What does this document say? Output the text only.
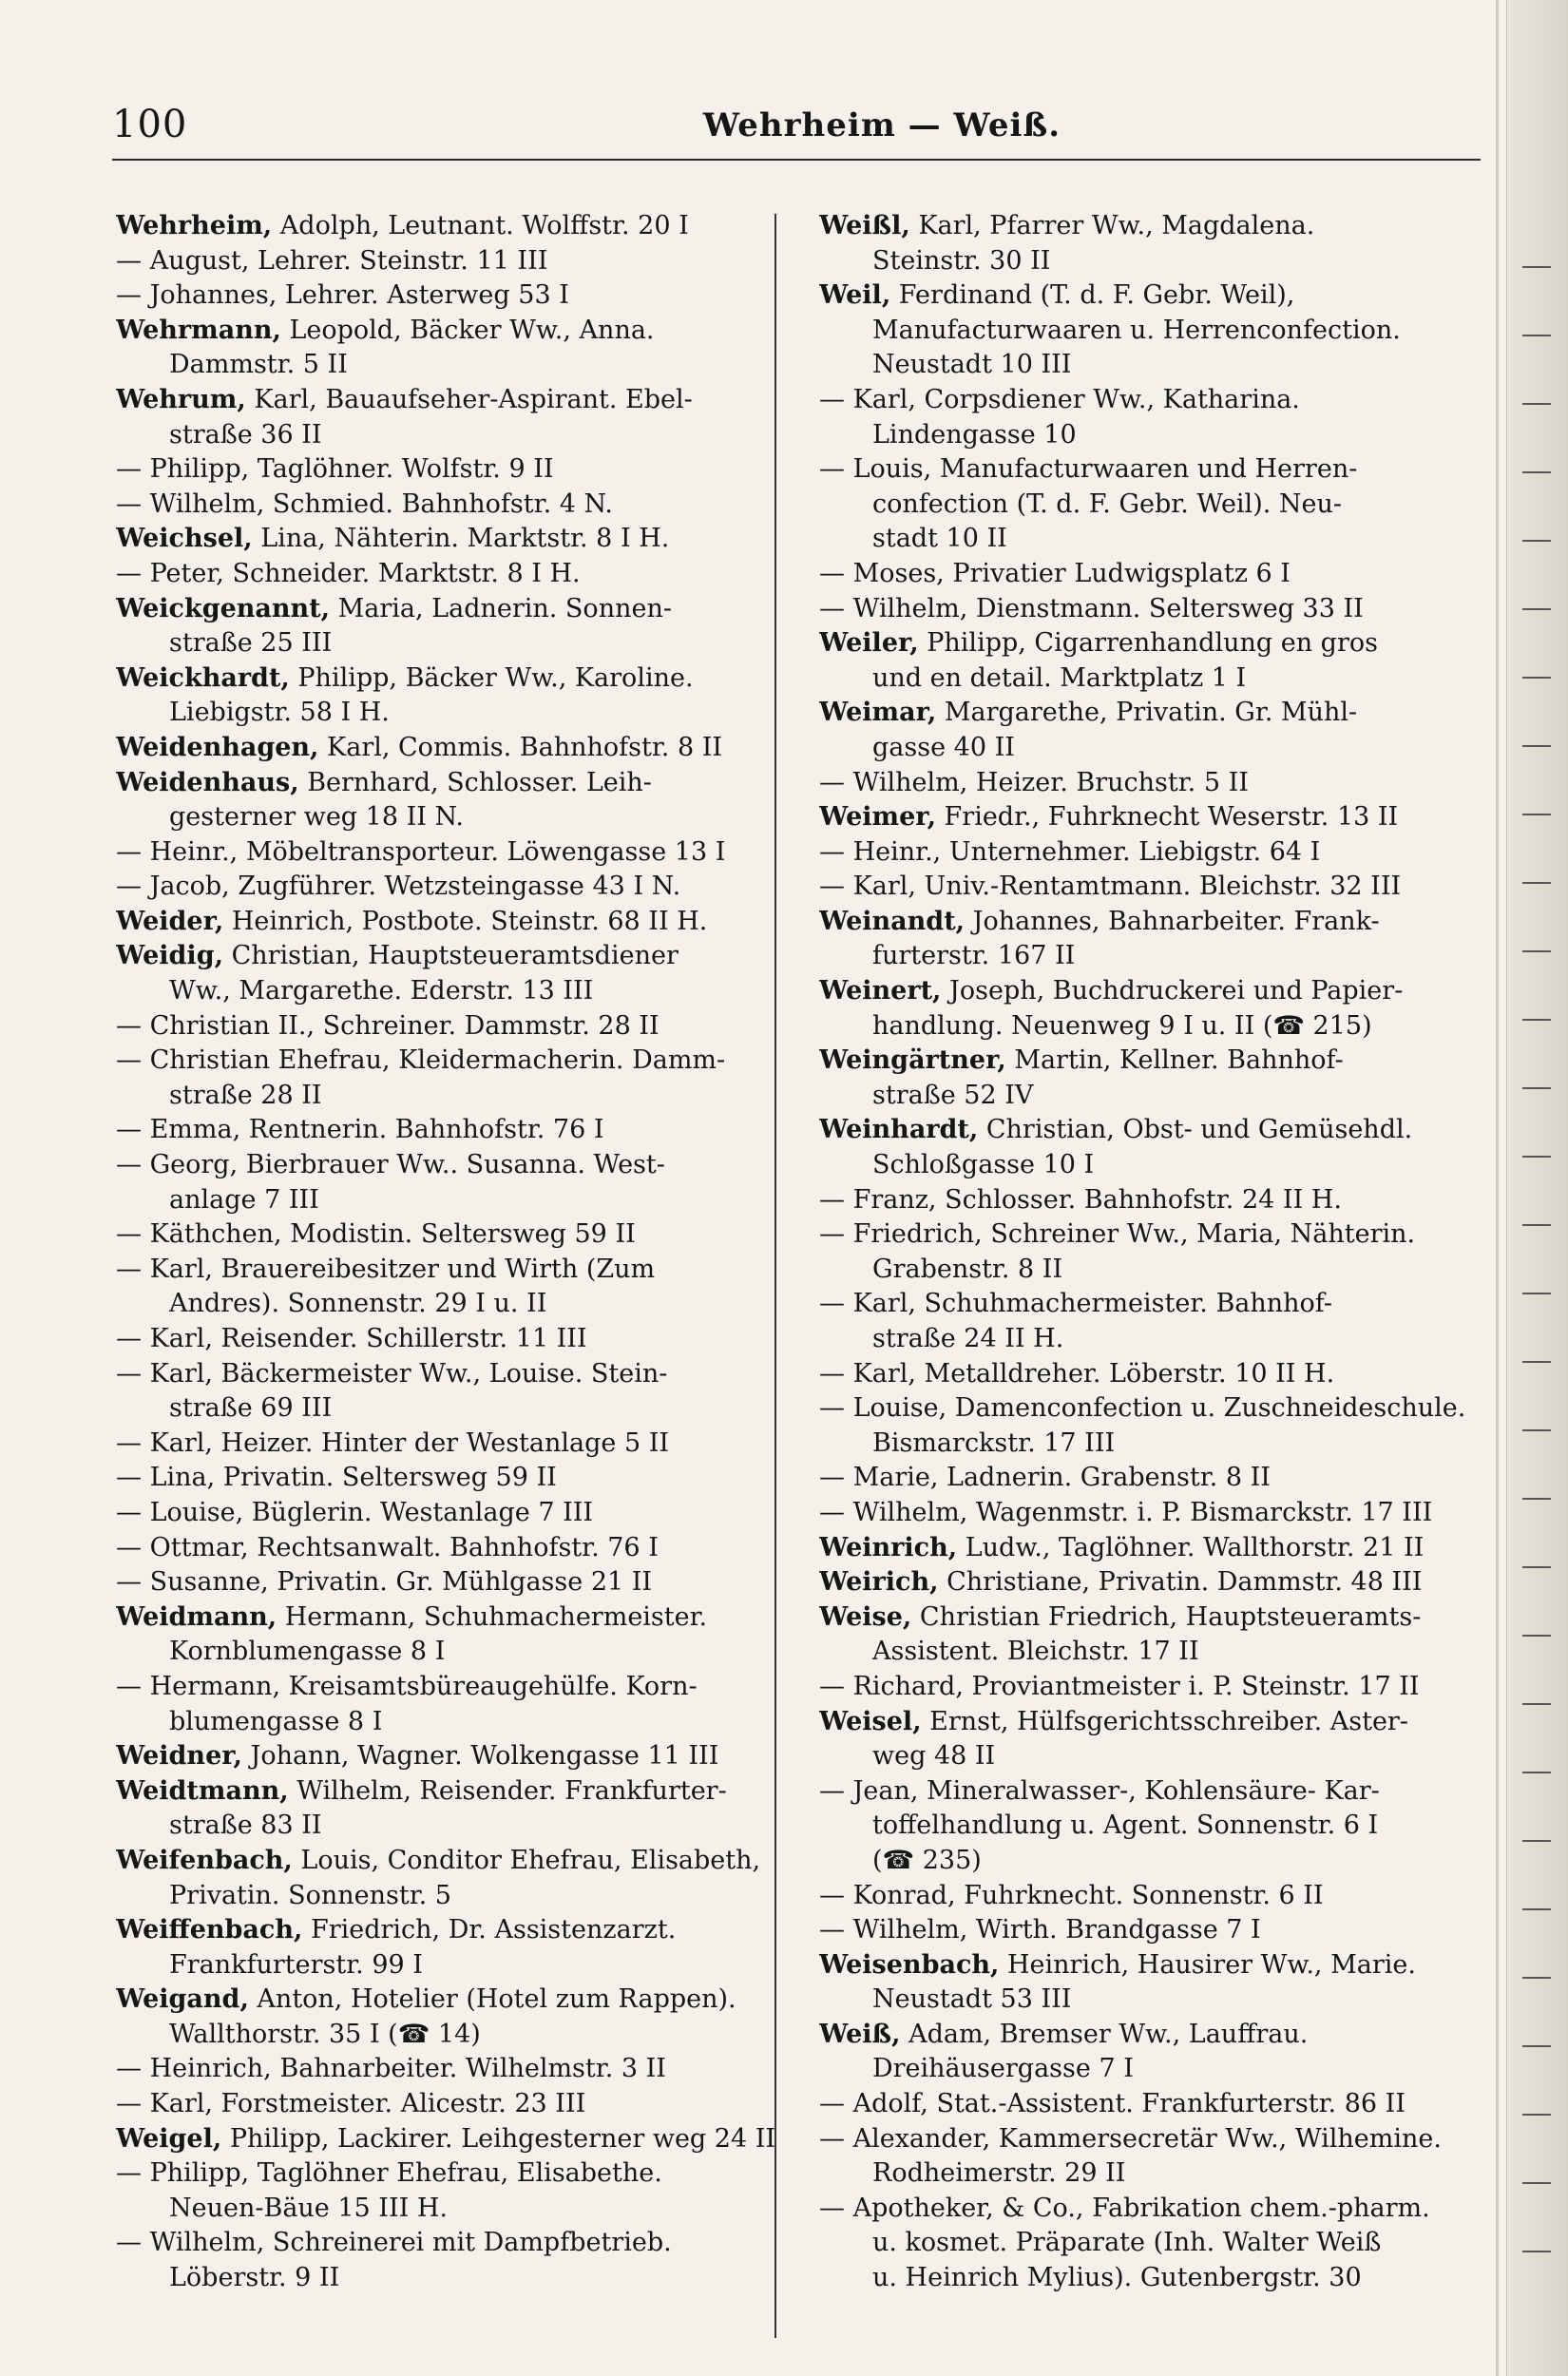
100	Wehrheim — Weiß.
Wehrheim, Adolph, Leutnant. Wolffstr. 20 I
— August, Lehrer. Steinstr. 11 III
— Johannes, Lehrer. Asterweg 53 I
Wehrmann, Leopold, Bäcker Ww., Anna.
Dammstr. 5 II
Wehrum, Karl, Bauaufseher-Aspirant. Ebel-
straße 36 II
— Philipp, Taglöhner. Wolfstr. 9 II
— Wilhelm, Schmied. Bahnhofstr. 4 N.
Weichsel, Lina, Nähterin. Marktstr. 8 I H.
— Peter, Schneider. Marktstr. 8 I H.
Weickgenannt, Maria, Ladnerin. Sonnen-
straße 25 III
Weickhardt, Philipp, Bäcker Ww., Karoline.
Liebigstr. 58 I H.
Weidenhagen, Karl, Commis. Bahnhofstr. 8 II
Weidenhaus, Bernhard, Schlosser. Leih-
gesterner weg 18 II N.
— Heinr., Möbeltransporteur. Löwengasse 13 I
— Jacob, Zugführer. Wetzsteingasse 43 I N.
Weider, Heinrich, Postbote. Steinstr. 68 II H.
Weidig, Christian, Hauptsteueramtsdiener
Ww., Margarethe. Ederstr. 13 III
— Christian II., Schreiner. Dammstr. 28 II
— Christian Ehefrau, Kleidermacherin. Damm-
straße 28 II
— Emma, Rentnerin. Bahnhofstr. 76 I
— Georg, Bierbrauer Ww.. Susanna. West-
anlage 7 III
— Käthchen, Modistin. Seltersweg 59 II
— Karl, Brauereibesitzer und Wirth (Zum
Andres). Sonnenstr. 29 I u. II
— Karl, Reisender. Schillerstr. 11 III
— Karl, Bäckermeister Ww., Louise. Stein-
straße 69 III
— Karl, Heizer. Hinter der Westanlage 5 II
— Lina, Privatin. Seltersweg 59 II
— Louise, Büglerin. Westanlage 7 III
— Ottmar, Rechtsanwalt. Bahnhofstr. 76 I
— Susanne, Privatin. Gr. Mühlgasse 21 II
Weidmann, Hermann, Schuhmachermeister.
Kornblumengasse 8 I
— Hermann, Kreisamtsbüreaugehülfe. Korn-
blumengasse 8 I
Weidner, Johann, Wagner. Wolkengasse 11 III
Weidtmann, Wilhelm, Reisender. Frankfurter-
straße 83 II
Weifenbach, Louis, Conditor Ehefrau, Elisabeth,
Privatin. Sonnenstr. 5
Weiffenbach, Friedrich, Dr. Assistenzarzt.
Frankfurterstr. 99 I
Weigand, Anton, Hotelier (Hotel zum Rappen).
Wallthorstr. 35 I (☎ 14)
— Heinrich, Bahnarbeiter. Wilhelmstr. 3 II
— Karl, Forstmeister. Alicestr. 23 III
Weigel, Philipp, Lackirer. Leihgesterner weg 24 II
— Philipp, Taglöhner Ehefrau, Elisabethe.
Neuen-Bäue 15 III H.
— Wilhelm, Schreinerei mit Dampfbetrieb.
Löberstr. 9 II
Weißl, Karl, Pfarrer Ww., Magdalena.
Steinstr. 30 II
Weil, Ferdinand (T. d. F. Gebr. Weil),
Manufacturwaaren u. Herrenconfection.
Neustadt 10 III
— Karl, Corpsdiener Ww., Katharina.
Lindengasse 10
— Louis, Manufacturwaaren und Herren-
confection (T. d. F. Gebr. Weil). Neu-
stadt 10 II
— Moses, Privatier Ludwigsplatz 6 I
— Wilhelm, Dienstmann. Seltersweg 33 II
Weiler, Philipp, Cigarrenhandlung en gros
und en detail. Marktplatz 1 I
Weimar, Margarethe, Privatin. Gr. Mühl-
gasse 40 II
— Wilhelm, Heizer. Bruchstr. 5 II
Weimer, Friedr., Fuhrknecht Weserstr. 13 II
— Heinr., Unternehmer. Liebigstr. 64 I
— Karl, Univ.-Rentamtmann. Bleichstr. 32 III
Weinandt, Johannes, Bahnarbeiter. Frank-
furterstr. 167 II
Weinert, Joseph, Buchdruckerei und Papier-
handlung. Neuenweg 9 I u. II (☎ 215)
Weingärtner, Martin, Kellner. Bahnhof-
straße 52 IV
Weinhardt, Christian, Obst- und Gemüsehdl.
Schloßgasse 10 I
— Franz, Schlosser. Bahnhofstr. 24 II H.
— Friedrich, Schreiner Ww., Maria, Nähterin.
Grabenstr. 8 II
— Karl, Schuhmachermeister. Bahnhof-
straße 24 II H.
— Karl, Metalldreher. Löberstr. 10 II H.
— Louise, Damenconfection u. Zuschneideschule.
Bismarckstr. 17 III
— Marie, Ladnerin. Grabenstr. 8 II
— Wilhelm, Wagenmstr. i. P. Bismarckstr. 17 III
Weinrich, Ludw., Taglöhner. Wallthorstr. 21 II
Weirich, Christiane, Privatin. Dammstr. 48 III
Weise, Christian Friedrich, Hauptsteueramts-
Assistent. Bleichstr. 17 II
— Richard, Proviantmeister i. P. Steinstr. 17 II
Weisel, Ernst, Hülfsgerichtsschreiber. Aster-
weg 48 II
— Jean, Mineralwasser-, Kohlensäure- Kar-
toffelhandlung u. Agent. Sonnenstr. 6 I
(☎ 235)
— Konrad, Fuhrknecht. Sonnenstr. 6 II
— Wilhelm, Wirth. Brandgasse 7 I
Weisenbach, Heinrich, Hausirer Ww., Marie.
Neustadt 53 III
Weiß, Adam, Bremser Ww., Lauffrau.
Dreihäusergasse 7 I
— Adolf, Stat.-Assistent. Frankfurterstr. 86 II
— Alexander, Kammersecretär Ww., Wilhemine.
Rodheimerstr. 29 II
— Apotheker, & Co., Fabrikation chem.-pharm.
u. kosmet. Präparate (Inh. Walter Weiß
u. Heinrich Mylius). Gutenbergstr. 30
